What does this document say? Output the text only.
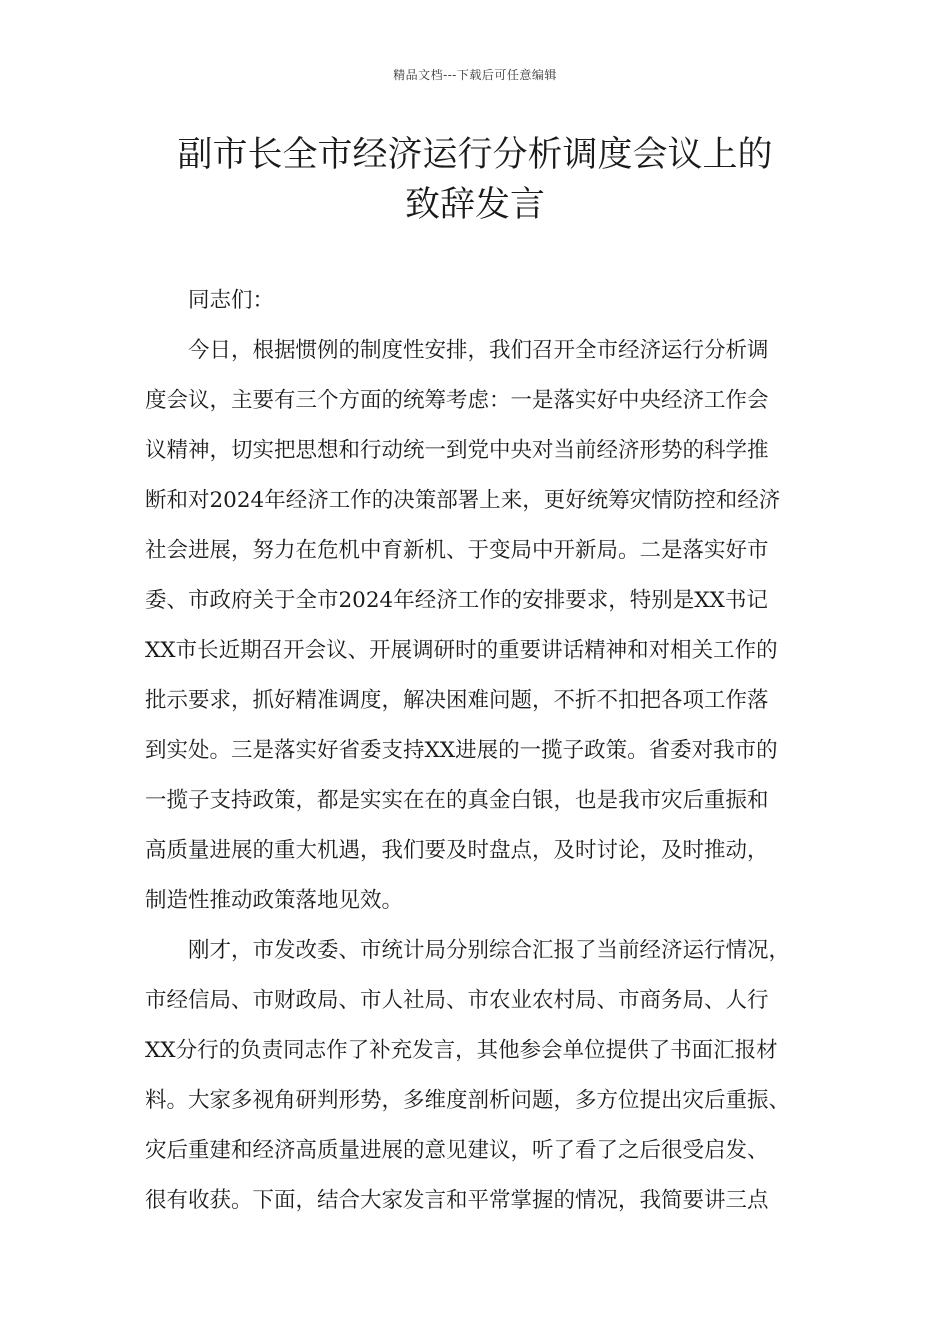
精品文档---下载后可任意编辑
副市长全市经济运行分析调度会议上的
致辞发言
同志们：
今日，根据惯例的制度性安排，我们召开全市经济运行分析调
度会议，主要有三个方面的统筹考虑：一是落实好中央经济工作会
议精神，切实把思想和行动统一到党中央对当前经济形势的科学推
断和对2024年经济工作的决策部署上来，更好统筹灾情防控和经济
社会进展，努力在危机中育新机、于变局中开新局。二是落实好市
委、市政府关于全市2024年经济工作的安排要求，特别是XX书记
XX市长近期召开会议、开展调研时的重要讲话精神和对相关工作的
批示要求，抓好精准调度，解决困难问题，不折不扣把各项工作落
到实处。三是落实好省委支持XX进展的一揽子政策。省委对我市的
一揽子支持政策，都是实实在在的真金白银，也是我市灾后重振和
高质量进展的重大机遇，我们要及时盘点，及时讨论，及时推动，
制造性推动政策落地见效。
刚才，市发改委、市统计局分别综合汇报了当前经济运行情况，
市经信局、市财政局、市人社局、市农业农村局、市商务局、人行
XX分行的负责同志作了补充发言，其他参会单位提供了书面汇报材
料。大家多视角研判形势，多维度剖析问题，多方位提出灾后重振、
灾后重建和经济高质量进展的意见建议，听了看了之后很受启发、
很有收获。下面，结合大家发言和平常掌握的情况，我简要讲三点
